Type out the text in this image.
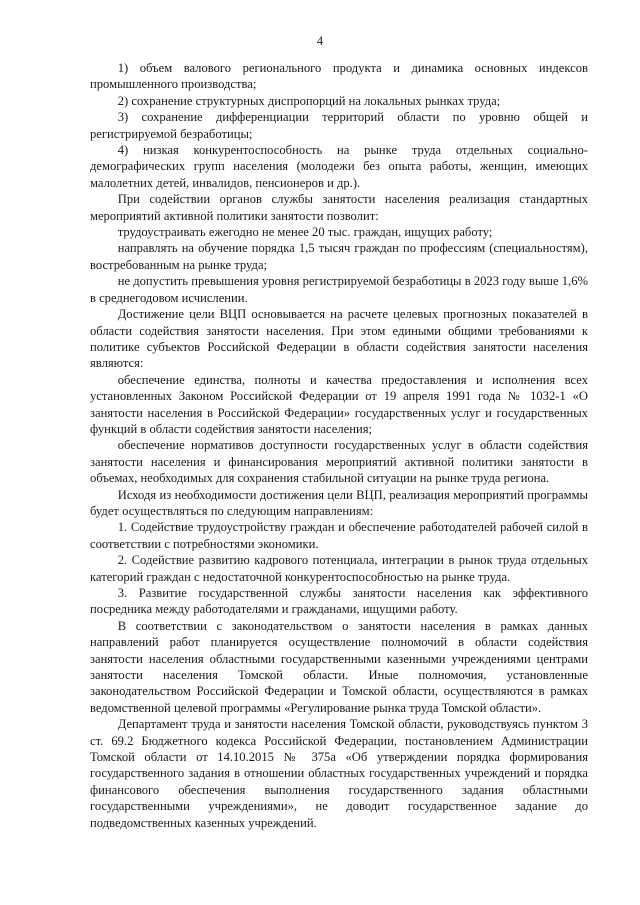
4

1) объем валового регионального продукта и динамика основных индексов промышленного производства;

2) сохранение структурных диспропорций на локальных рынках труда;

3) сохранение дифференциации территорий области по уровню общей и регистрируемой безработицы;

4) низкая конкурентоспособность на рынке труда отдельных социально-демографических групп населения (молодежи без опыта работы, женщин, имеющих малолетних детей, инвалидов, пенсионеров и др.).

При содействии органов службы занятости населения реализация стандартных мероприятий активной политики занятости позволит:

трудоустраивать ежегодно не менее 20 тыс. граждан, ищущих работу;

направлять на обучение порядка 1,5 тысяч граждан по профессиям (специальностям), востребованным на рынке труда;

не допустить превышения уровня регистрируемой безработицы в 2023 году выше 1,6% в среднегодовом исчислении.

Достижение цели ВЦП основывается на расчете целевых прогнозных показателей в области содействия занятости населения. При этом едиными общими требованиями к политике субъектов Российской Федерации в области содействия занятости населения являются:

обеспечение единства, полноты и качества предоставления и исполнения всех установленных Законом Российской Федерации от 19 апреля 1991 года № 1032-1 «О занятости населения в Российской Федерации» государственных услуг и государственных функций в области содействия занятости населения;

обеспечение нормативов доступности государственных услуг в области содействия занятости населения и финансирования мероприятий активной политики занятости в объемах, необходимых для сохранения стабильной ситуации на рынке труда региона.

Исходя из необходимости достижения цели ВЦП, реализация мероприятий программы будет осуществляться по следующим направлениям:

1. Содействие трудоустройству граждан и обеспечение работодателей рабочей силой в соответствии с потребностями экономики.

2. Содействие развитию кадрового потенциала, интеграции в рынок труда отдельных категорий граждан с недостаточной конкурентоспособностью на рынке труда.

3. Развитие государственной службы занятости населения как эффективного посредника между работодателями и гражданами, ищущими работу.

В соответствии с законодательством о занятости населения в рамках данных направлений работ планируется осуществление полномочий в области содействия занятости населения областными государственными казенными учреждениями центрами занятости населения Томской области. Иные полномочия, установленные законодательством Российской Федерации и Томской области, осуществляются в рамках ведомственной целевой программы «Регулирование рынка труда Томской области».

Департамент труда и занятости населения Томской области, руководствуясь пунктом 3 ст. 69.2 Бюджетного кодекса Российской Федерации, постановлением Администрации Томской области от 14.10.2015 № 375а «Об утверждении порядка формирования государственного задания в отношении областных государственных учреждений и порядка финансового обеспечения выполнения государственного задания областными государственными учреждениями», не доводит государственное задание до подведомственных казенных учреждений.
